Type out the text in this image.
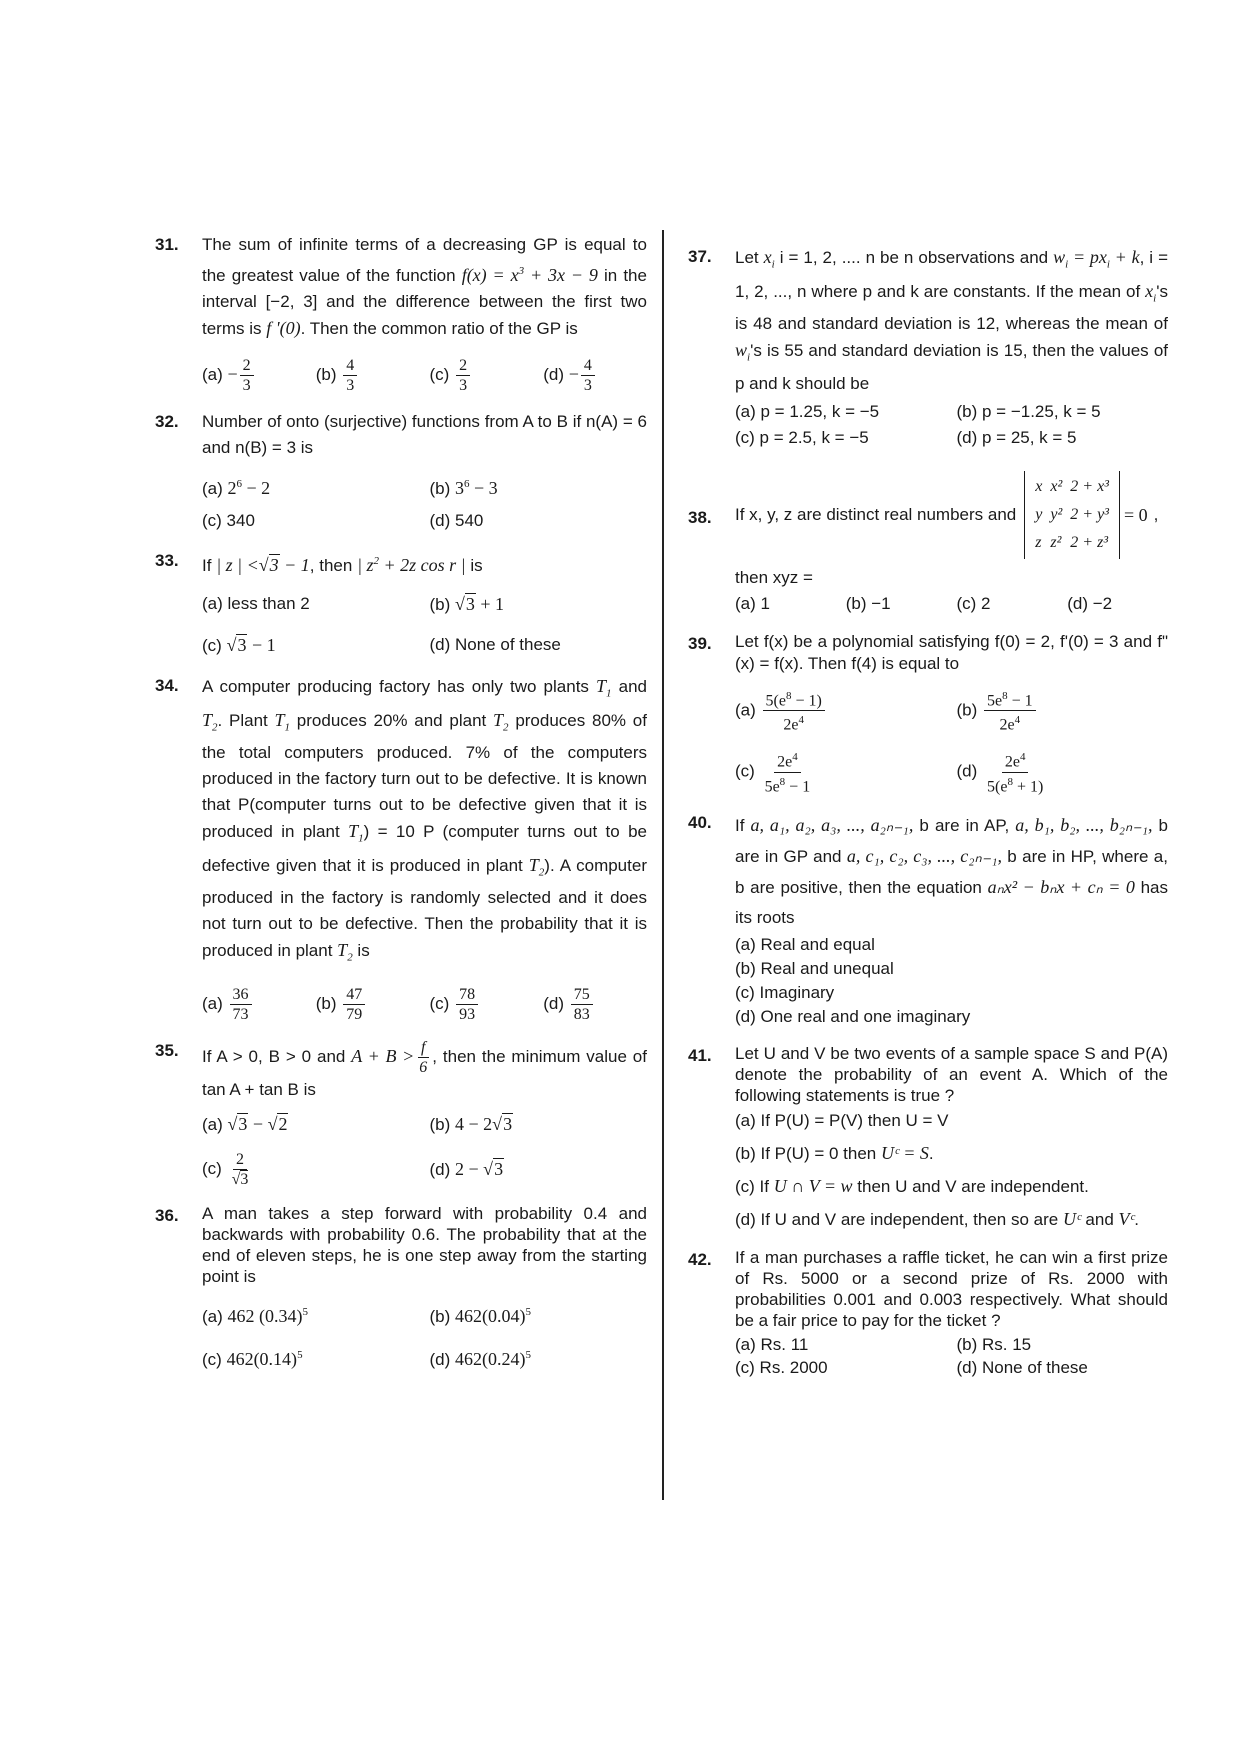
31. The sum of infinite terms of a decreasing GP is equal to the greatest value of the function $f(x) = x^3 + 3x - 9$ in the interval [−2, 3] and the difference between the first two terms is f '(0). Then the common ratio of the GP is
$(a) - \frac{2}{3}$	$(b) \frac{4}{3}$	$(c) \frac{2}{3}$	$(d) - \frac{4}{3}$
32. Number of onto (surjective) functions from A to B if n(A) = 6 and n(B) = 3 is
(a) $2^6 - 2$	(b) $3^6 - 3$
(c) 340	(d) 540
33. If | z | <√3 − 1, then | $z^2 + 2z$ cos r | is
(a) less than 2	(b) √3 + 1
(c) √3 − 1	(d) None of these
34. A computer producing factory has only two plants $T_1$ and $T_2$. Plant $T_1$ produces 20% and plant $T_2$ produces 80% of the total computers produced. 7% of the computers produced in the factory turn out to be defective. It is known that P(computer turns out to be defective given that it is produced in plant $T_1) = 10$ P (computer turns out to be defective given that it is produced in plant $T_2$). A computer produced in the factory is randomly selected and it does not turn out to be defective. Then the probability that it is produced in plant $T_2$ is
$(a) \frac{36}{73}$	$(b) \frac{47}{79}$	$(c) \frac{78}{93}$	$(d) \frac{75}{83}$
35. If A > 0, B > 0 and $A + B > \frac{f}{6}$ , then the minimum value of tan A + tan B is
(a) √3 − √2	(b) 4 − 2√3
$(c) \frac{2}{√3}$	(d) 2 − √3
36. A man takes a step forward with probability 0.4 and backwards with probability 0.6. The probability that at the end of eleven steps, he is one step away from the starting point is
(a) 462 $(0.34)^5$	(b) $462(0.04)^5$
(c) $462(0.14)^5$	(d) $462(0.24)^5$
37. Let $x_i$ i = 1, 2, .... n be n observations and $w_i = px_i + k$, i = 1, 2, ..., n where p and k are constants. If the mean of $x_i's$ is 48 and standard deviation is 12, whereas the mean of $w_i's$ is 55 and standard deviation is 15, then the values of p and k should be
(a) p = 1.25, k = −5	(b) p = −1.25, k = 5
(c) p = 2.5, k = −5	(d) p = 25, k = 5
38. If x, y, z are distinct real numbers and
x	x²	2 + x³
y	y²	2 + y³
z	z²	2 + z³
= 0 ,
then xyz =
(a) 1	(b) −1	(c) 2	(d) −2
39. Let f(x) be a polynomial satisfying f(0) = 2, f'(0) = 3 and f"(x) = f(x). Then f(4) is equal to
$(a) \frac{5(e^8 - 1)}{2e^4}$	$(b) \frac{5e^8 - 1}{2e^4}$
$(c) \frac{2e^4}{5e^8 - 1}$	$(d) \frac{2e^4}{5(e^8 + 1)}$
40. If a, a₁, a₂, a₃, ..., a₂ₙ₋₁, b are in AP, a, b₁, b₂, ..., b₂ₙ₋₁, b are in GP and a, c₁, c₂, c₃, ..., c₂ₙ₋₁, b are in HP, where a, b are positive, then the equation aₙx² − bₙx + cₙ = 0 has its roots
(a) Real and equal
(b) Real and unequal
(c) Imaginary
(d) One real and one imaginary
41. Let U and V be two events of a sample space S and P(A) denote the probability of an event A. Which of the following statements is true ?
(a) If P(U) = P(V) then U = V
(b) If P(U) = 0 then Uᶜ = S.
(c) If U ∩ V = w then U and V are independent.
(d) If U and V are independent, then so are Uᶜ and Vᶜ.
42. If a man purchases a raffle ticket, he can win a first prize of Rs. 5000 or a second prize of Rs. 2000 with probabilities 0.001 and 0.003 respectively. What should be a fair price to pay for the ticket ?
(a) Rs. 11	(b) Rs. 15
(c) Rs. 2000	(d) None of these
